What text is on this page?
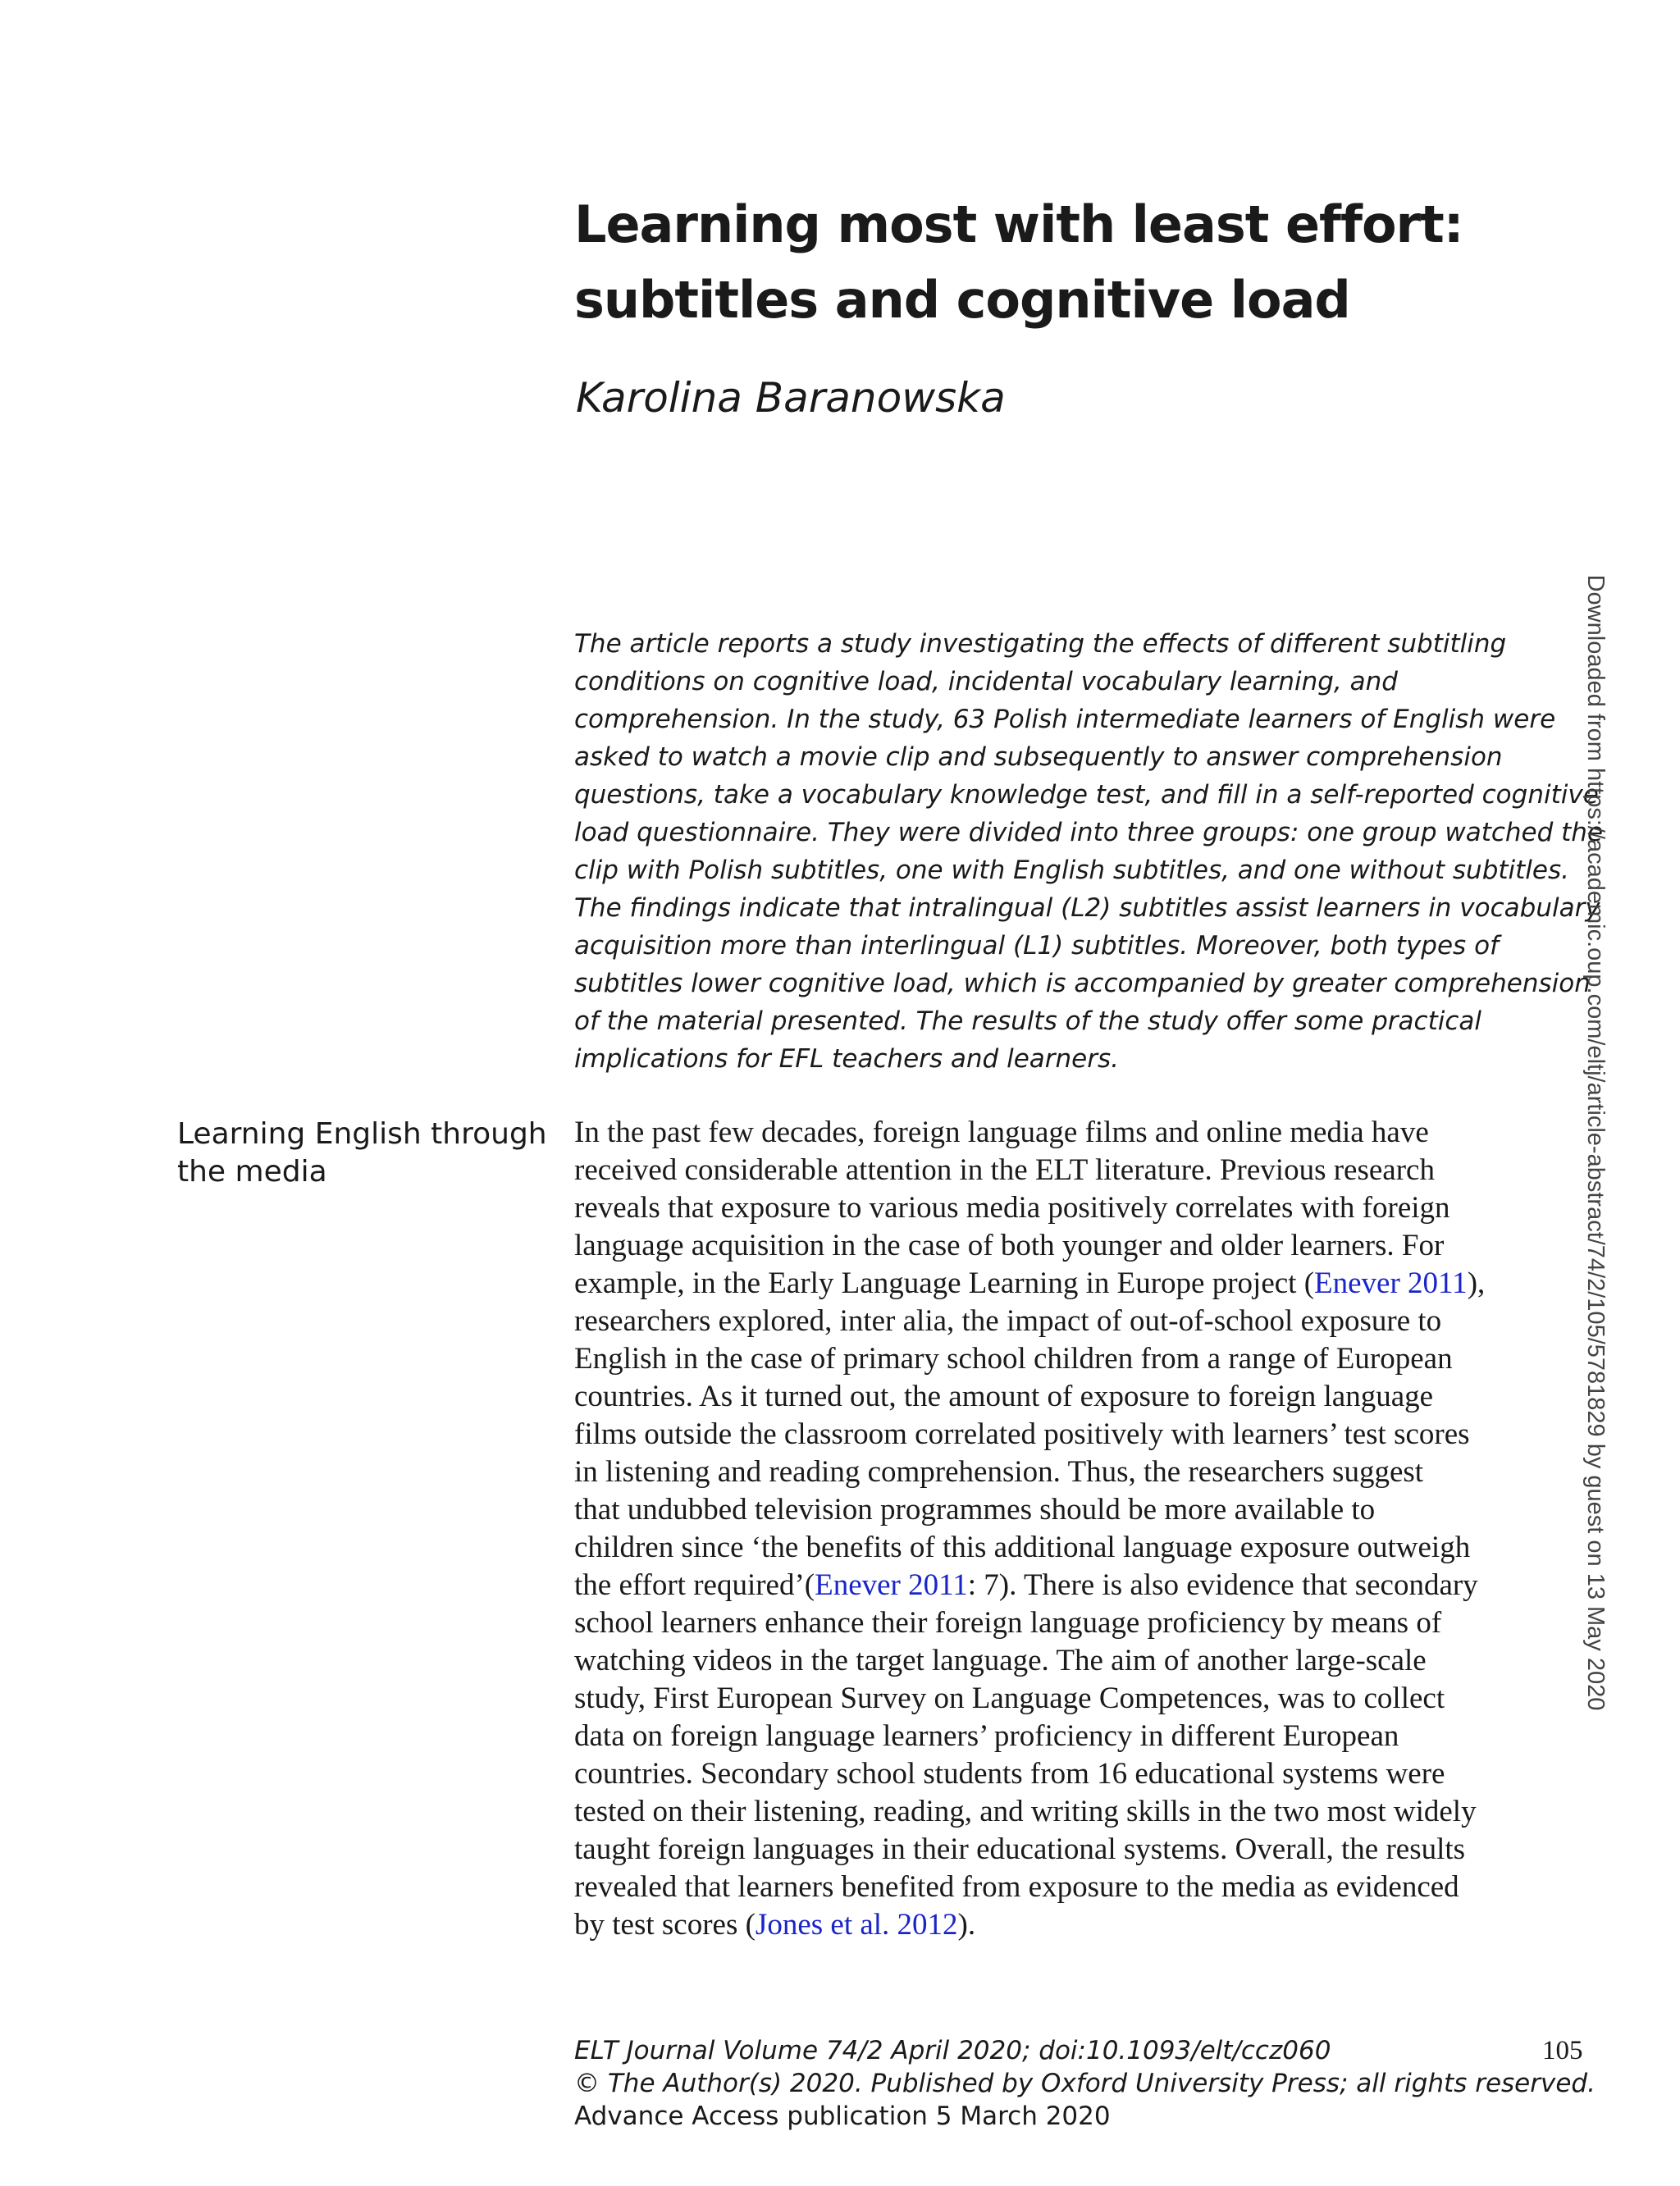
Learning most with least effort:
subtitles and cognitive load

Karolina Baranowska

The article reports a study investigating the effects of different subtitling
conditions on cognitive load, incidental vocabulary learning, and
comprehension. In the study, 63 Polish intermediate learners of English were
asked to watch a movie clip and subsequently to answer comprehension
questions, take a vocabulary knowledge test, and fill in a self-reported cognitive
load questionnaire. They were divided into three groups: one group watched the
clip with Polish subtitles, one with English subtitles, and one without subtitles.
The findings indicate that intralingual (L2) subtitles assist learners in vocabulary
acquisition more than interlingual (L1) subtitles. Moreover, both types of
subtitles lower cognitive load, which is accompanied by greater comprehension
of the material presented. The results of the study offer some practical
implications for EFL teachers and learners.
Learning English through
the media
In the past few decades, foreign language films and online media have
received considerable attention in the ELT literature. Previous research
reveals that exposure to various media positively correlates with foreign
language acquisition in the case of both younger and older learners. For
example, in the Early Language Learning in Europe project (Enever 2011),
researchers explored, inter alia, the impact of out-of-school exposure to
English in the case of primary school children from a range of European
countries. As it turned out, the amount of exposure to foreign language
films outside the classroom correlated positively with learners’ test scores
in listening and reading comprehension. Thus, the researchers suggest
that undubbed television programmes should be more available to
children since ‘the benefits of this additional language exposure outweigh
the effort required’(Enever 2011: 7). There is also evidence that secondary
school learners enhance their foreign language proficiency by means of
watching videos in the target language. The aim of another large-scale
study, First European Survey on Language Competences, was to collect
data on foreign language learners’ proficiency in different European
countries. Secondary school students from 16 educational systems were
tested on their listening, reading, and writing skills in the two most widely
taught foreign languages in their educational systems. Overall, the results
revealed that learners benefited from exposure to the media as evidenced
by test scores (Jones et al. 2012).
ELT Journal Volume 74/2 April 2020; doi:10.1093/elt/ccz060
© The Author(s) 2020. Published by Oxford University Press; all rights reserved.
Advance Access publication 5 March 2020
105
Downloaded from https://academic.oup.com/eltj/article-abstract/74/2/105/5781829 by guest on 13 May 2020
